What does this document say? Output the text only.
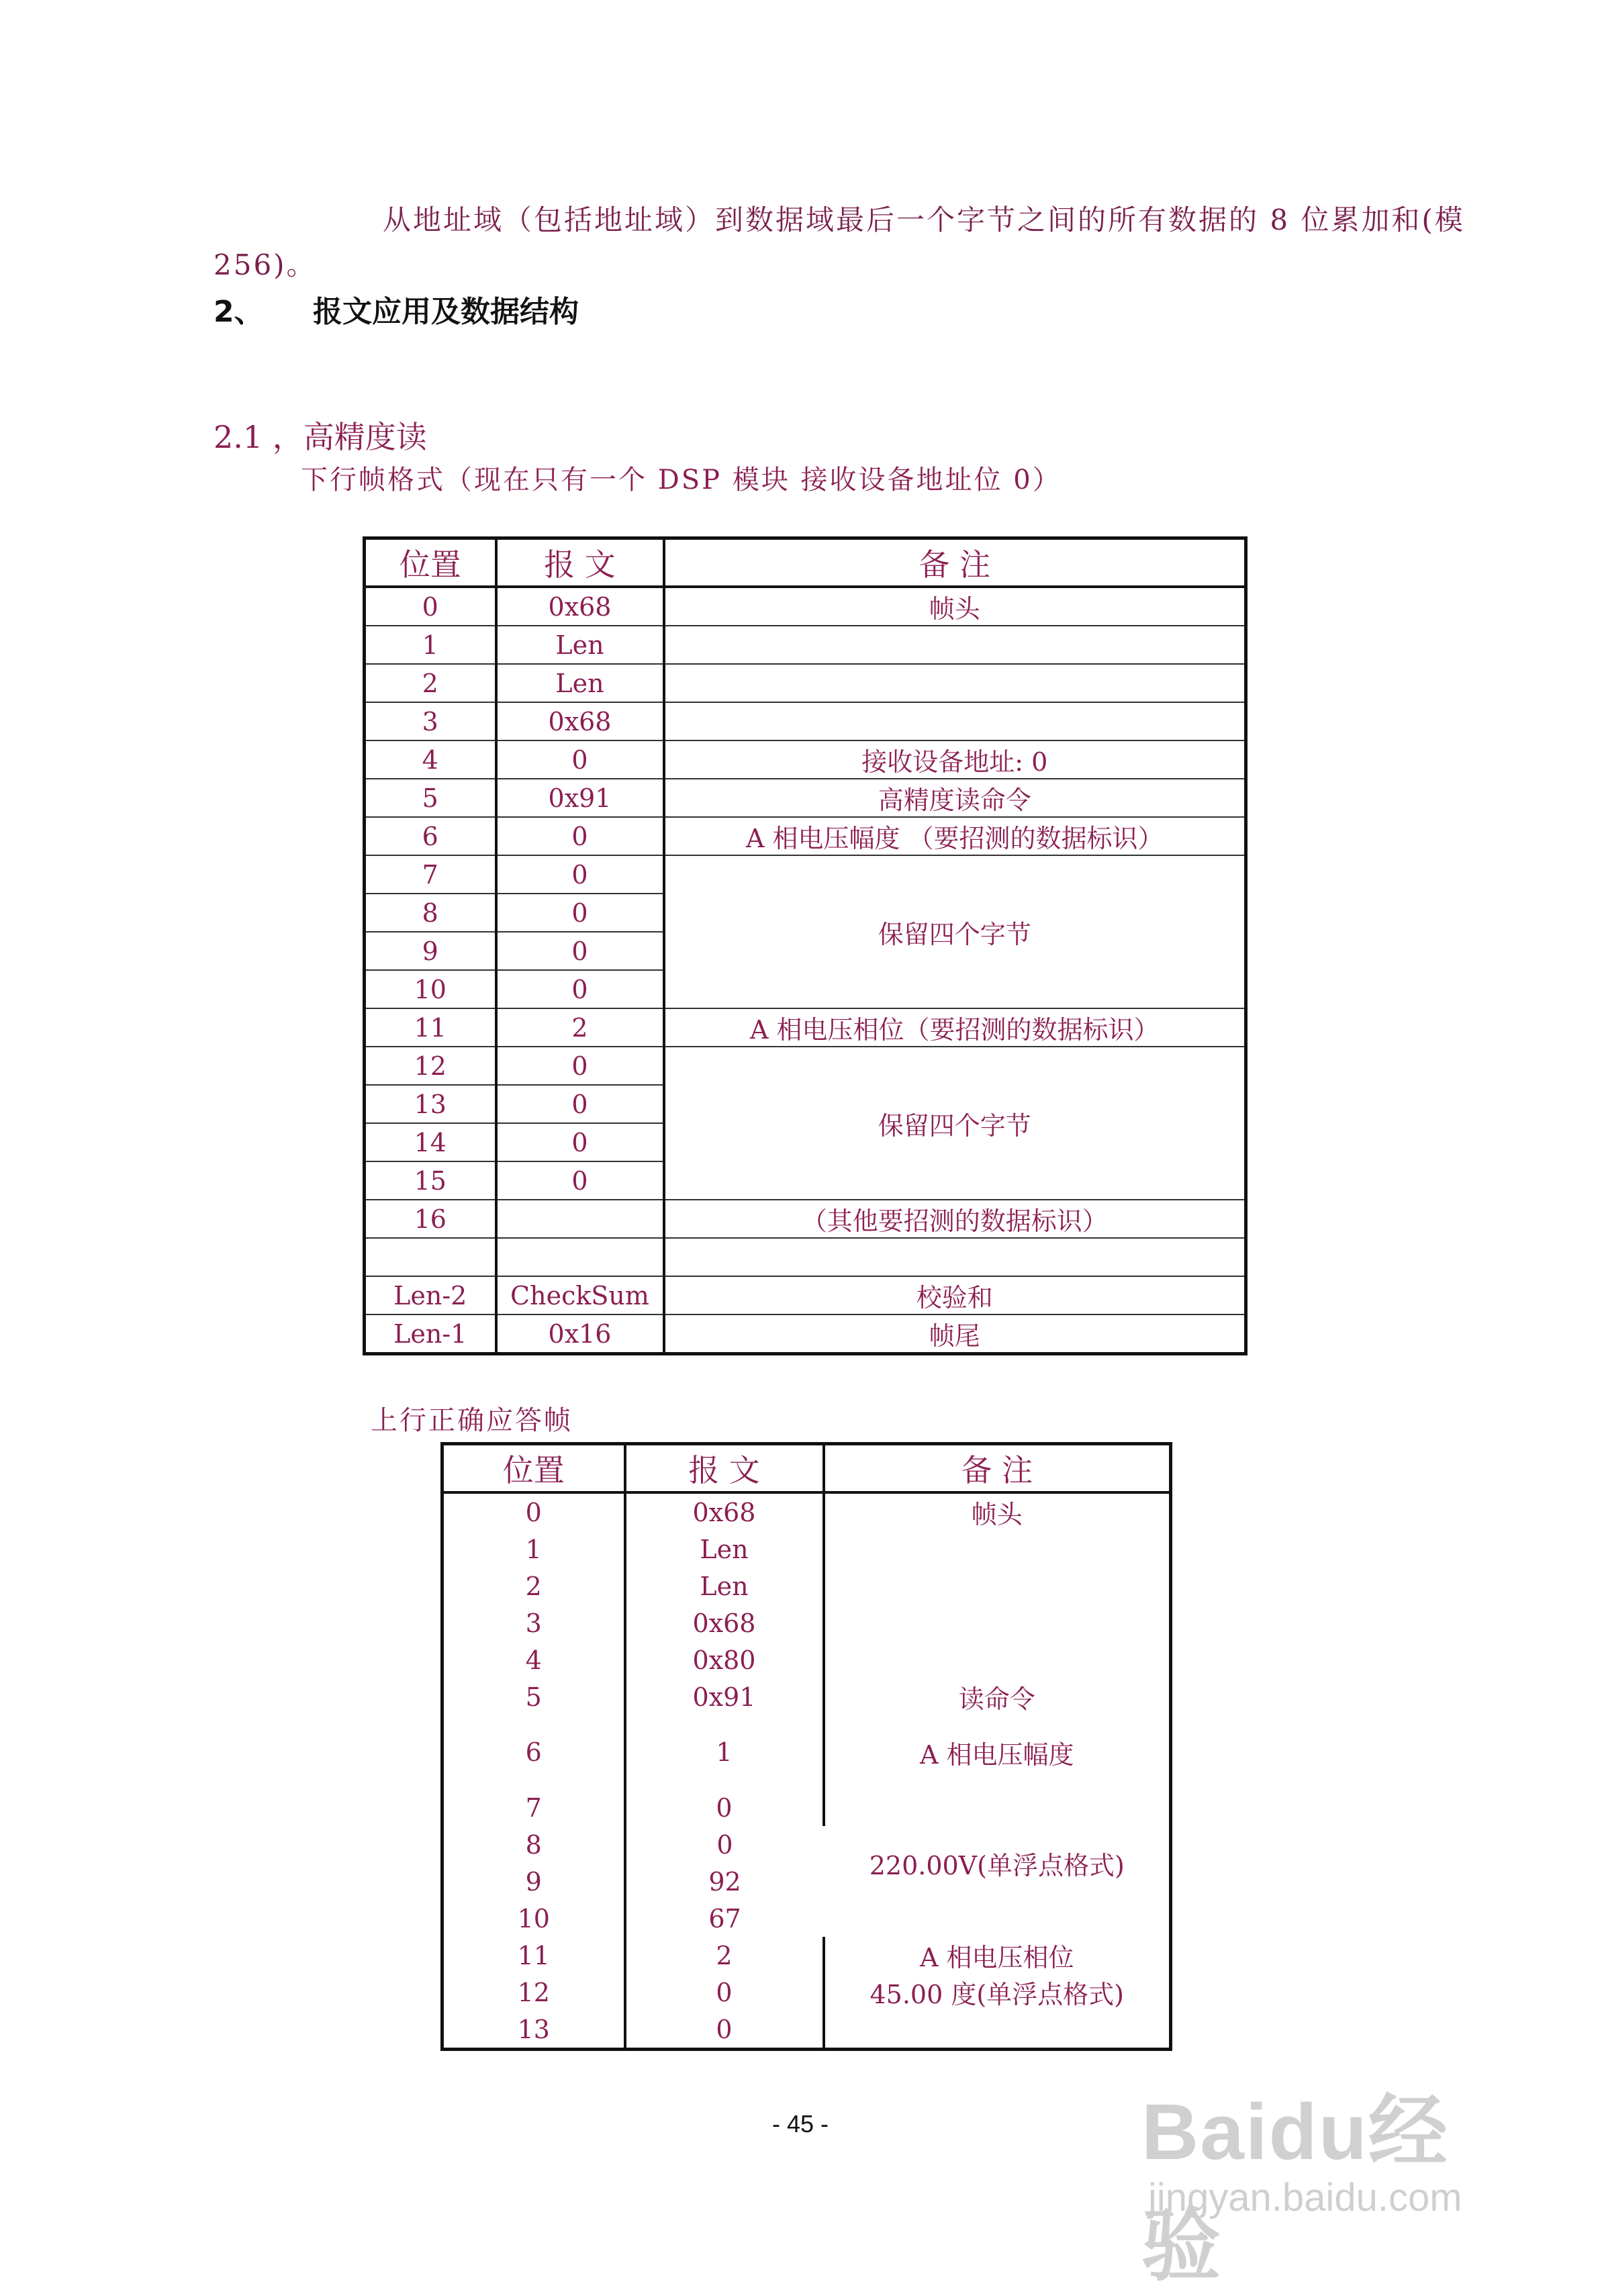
从地址域（包括地址域）到数据域最后一个字节之间的所有数据的 8 位累加和(模
256)。
2、 报文应用及数据结构
2.1 ，高精度读
下行帧格式（现在只有一个 DSP 模块 接收设备地址位 0）
位置	报 文	备 注
0	0x68	帧头
1	Len	
2	Len	
3	0x68	
4	0	接收设备地址: 0
5	0x91	高精度读命令
6	0	A 相电压幅度 （要招测的数据标识）
7	0	保留四个字节
8	0	
9	0	
10	0	
11	2	A 相电压相位（要招测的数据标识）
12	0	保留四个字节
13	0	
14	0	
15	0	
16		（其他要招测的数据标识）

Len-2	CheckSum	校验和
Len-1	0x16	帧尾
上行正确应答帧
位置	报 文	备 注
0	0x68	帧头
1	Len	
2	Len	
3	0x68	
4	0x80	
5	0x91	读命令
6	1	A 相电压幅度
7	0	220.00V(单浮点格式)
8	0	
9	92	
10	67	
11	2	A 相电压相位
12	0	45.00 度(单浮点格式)
13	0	
- 45 -	Baidu经验
jingyan.baidu.com
